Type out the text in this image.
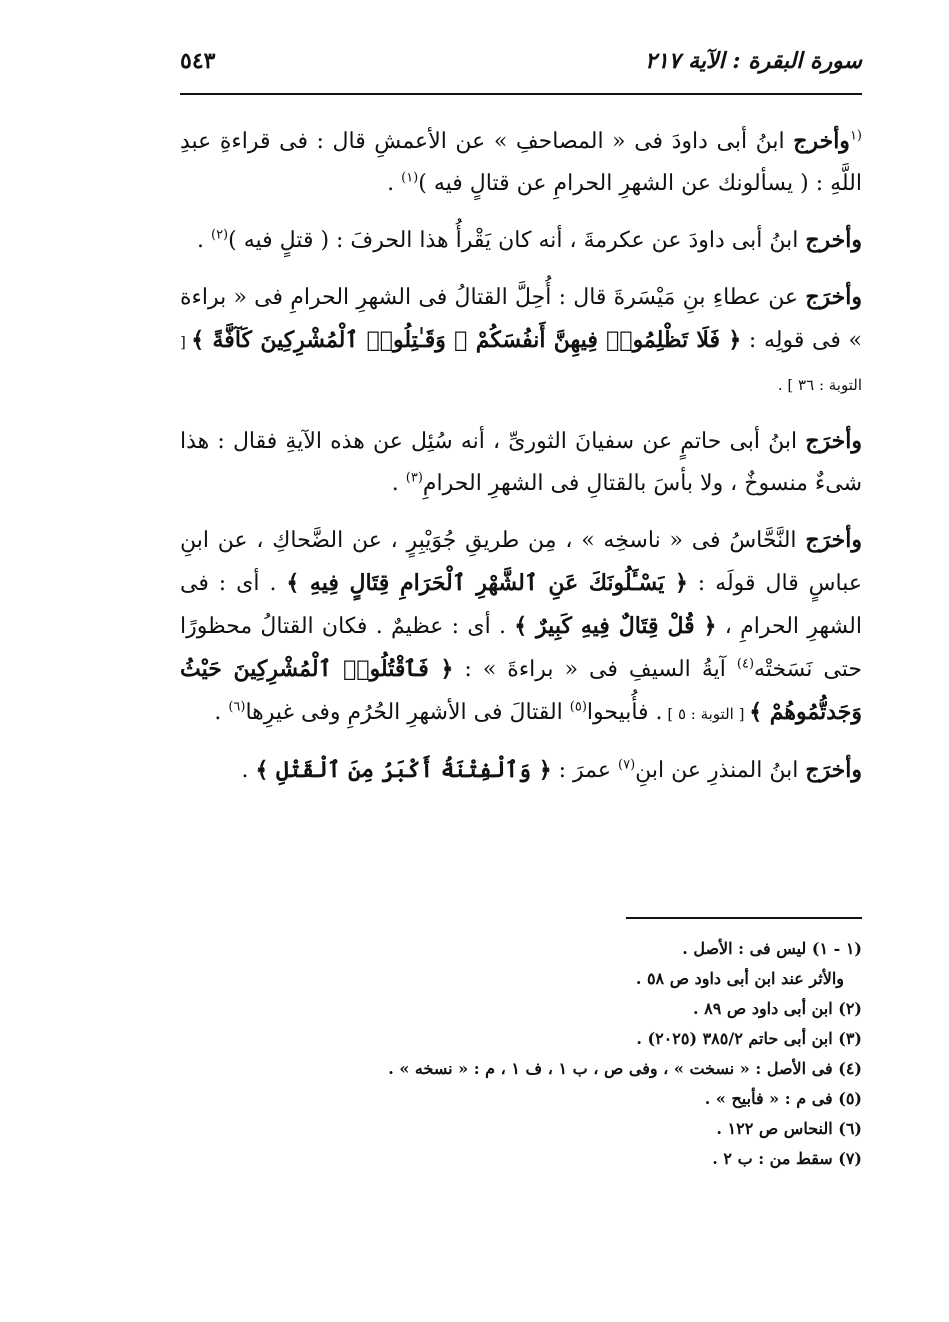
سورة البقرة : الآية ٢١٧
٥٤٣

$^{(١}$وأخرج ابنُ أبى داودَ فى « المصاحفِ » عن الأعمشِ قال : فى قراءةِ عبدِ اللَّهِ : ( يسألونك عن الشهرِ الحرامِ عن قتالٍ فيه )$^{(١)}$ .

وأخرج ابنُ أبى داودَ عن عكرمةَ ، أنه كان يَقْرأُ هذا الحرفَ : ( قتلٍ فيه )$^{(٢)}$ .

وأخرَج عن عطاءِ بنِ مَيْسَرةَ قال : أُحِلَّ القتالُ فى الشهرِ الحرامِ فى « براءة » فى قولِه : ﴿ فَلَا تَظْلِمُوا۟ فِيهِنَّ أَنفُسَكُمْ ۚ وَقَـٰتِلُوا۟ ٱلْمُشْرِكِينَ كَآفَّةً ﴾ [ التوبة : ٣٦ ] .

وأخرَج ابنُ أبى حاتمٍ عن سفيانَ الثورىِّ ، أنه سُئِل عن هذه الآيةِ فقال : هذا شىءٌ منسوخٌ ، ولا بأسَ بالقتالِ فى الشهرِ الحرامِ$^{(٣)}$ .

وأخرَج النَّحَّاسُ فى « ناسخِه » ، مِن طريقِ جُوَيْبِرٍ ، عن الضَّحاكِ ، عن ابنِ عباسٍ قال قولَه : ﴿ يَسْـَٔلُونَكَ عَنِ ٱلشَّهْرِ ٱلْحَرَامِ قِتَالٍ فِيهِ ﴾ . أى : فى الشهرِ الحرامِ ، ﴿ قُلْ قِتَالٌ فِيهِ كَبِيرٌ ﴾ . أى : عظيمٌ . فكان القتالُ محظورًا حتى نَسَختْه$^{(٤)}$ آيةُ السيفِ فى « براءةَ » : ﴿ فَٱقْتُلُوا۟ ٱلْمُشْرِكِينَ حَيْثُ وَجَدتُّمُوهُمْ ﴾ [ التوبة : ٥ ] . فأُبيحوا$^{(٥)}$ القتالَ فى الأشهرِ الحُرُمِ وفى غيرِها$^{(٦)}$ .

وأخرَج ابنُ المنذرِ عن ابنِ$^{(٧)}$ عمرَ : ﴿ وَٱلْفِتْنَةُ أَكْبَرُ مِنَ ٱلْقَتْلِ ﴾ .

(١ - ١) ليس فى : الأصل .

والأثر عند ابن أبى داود ص ٥٨ .

(٢) ابن أبى داود ص ٨٩ .

(٣) ابن أبى حاتم ٣٨٥/٢ (٢٠٢٥) .

(٤) فى الأصل : « نسخت » ، وفى ص ، ب ١ ، ف ١ ، م : « نسخه » .

(٥) فى م : « فأبيح » .

(٦) النحاس ص ١٢٢ .

(٧) سقط من : ب ٢ .
